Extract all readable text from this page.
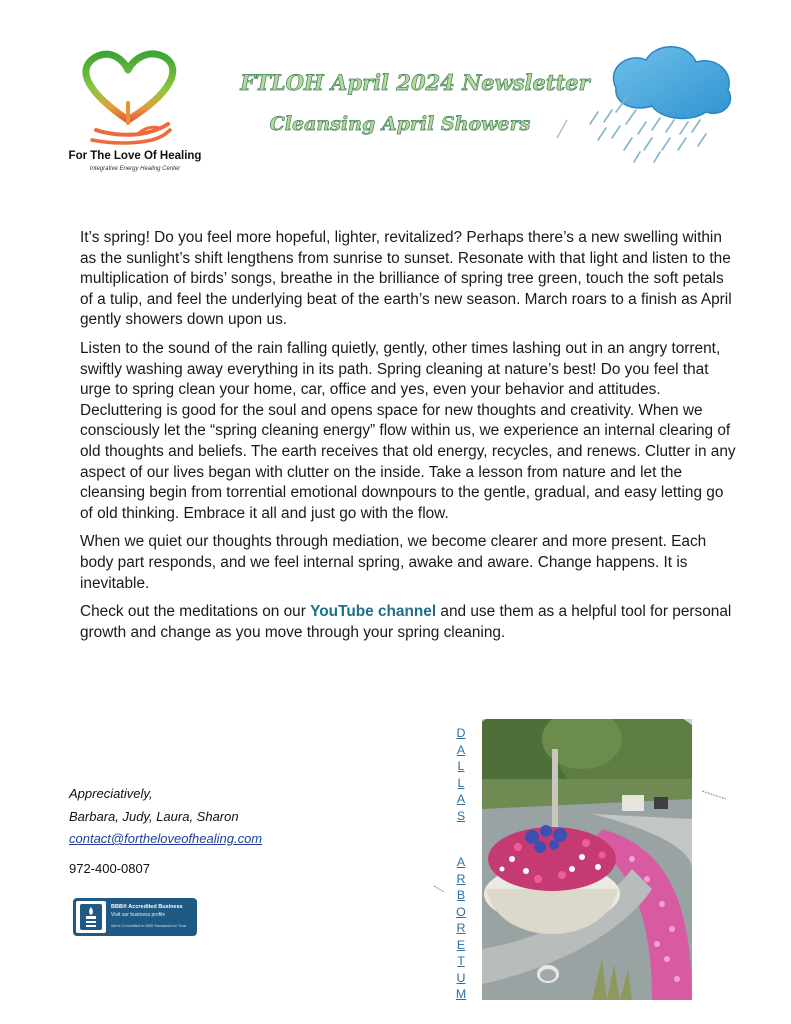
For The Love Of Healing
Integrative Energy Healing Center
FTLOH April 2024 Newsletter
Cleansing April Showers

It’s spring! Do you feel more hopeful, lighter, revitalized? Perhaps there’s a new swelling within as the sunlight’s shift lengthens from sunrise to sunset. Resonate with that light and listen to the multiplication of birds’ songs, breathe in the brilliance of spring tree green, touch the soft petals of a tulip, and feel the underlying beat of the earth’s new season. March roars to a finish as April gently showers down upon us.

Listen to the sound of the rain falling quietly, gently, other times lashing out in an angry torrent, swiftly washing away everything in its path. Spring cleaning at nature’s best! Do you feel that urge to spring clean your home, car, office and yes, even your behavior and attitudes. Decluttering is good for the soul and opens space for new thoughts and creativity. When we consciously let the “spring cleaning energy” flow within us, we experience an internal clearing of old thoughts and beliefs. The earth receives that old energy, recycles, and renews. Clutter in any aspect of our lives began with clutter on the inside. Take a lesson from nature and let the cleansing begin from torrential emotional downpours to the gentle, gradual, and easy letting go of old thinking. Embrace it all and just go with the flow.

When we quiet our thoughts through mediation, we become clearer and more present. Each body part responds, and we feel internal spring, awake and aware. Change happens. It is inevitable.

Check out the meditations on our YouTube channel and use them as a helpful tool for personal growth and change as you move through your spring cleaning.

Appreciatively,
Barbara, Judy, Laura, Sharon
contact@fortheloveofhealing.com
972-400-0807
BBB® Accredited Business
Visit our business profile
We're Committed to BBB Standards for Trust
D
A
L
L
A
S
A
R
B
O
R
E
T
U
M
